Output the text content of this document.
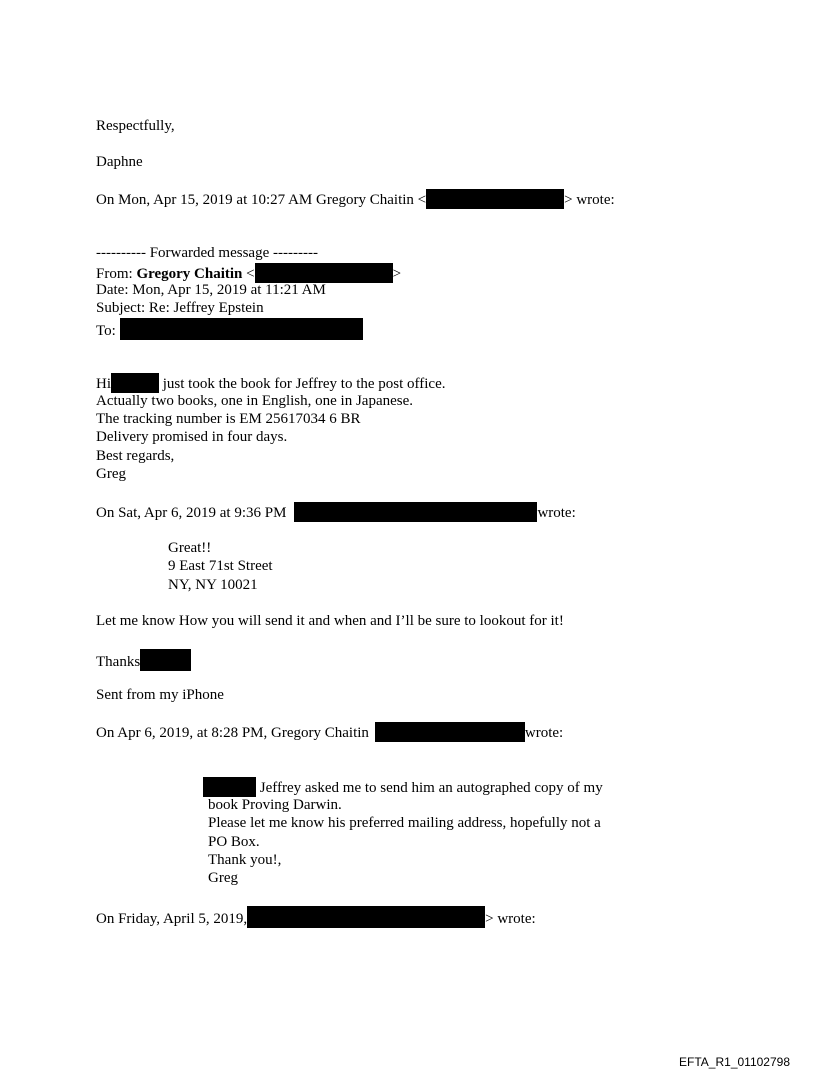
Respectfully,
Daphne
On Mon, Apr 15, 2019 at 10:27 AM Gregory Chaitin <	> wrote:
---------- Forwarded message ---------
From: Gregory Chaitin <	>
Date: Mon, Apr 15, 2019 at 11:21 AM
Subject: Re: Jeffrey Epstein
To:
Hi	just took the book for Jeffrey to the post office.
Actually two books, one in English, one in Japanese.
The tracking number is EM 25617034 6 BR
Delivery promised in four days.
Best regards,
Greg
On Sat, Apr 6, 2019 at 9:36 PM	wrote:
Great!!
9 East 71st Street
NY, NY 10021
Let me know How you will send it and when and I’ll be sure to lookout for it!
Thanks
Sent from my iPhone
On Apr 6, 2019, at 8:28 PM, Gregory Chaitin	wrote:
Jeffrey asked me to send him an autographed copy of my
book Proving Darwin.
Please let me know his preferred mailing address, hopefully not a
PO Box.
Thank you!,
Greg
On Friday, April 5, 2019,	> wrote:
EFTA_R1_01102798
